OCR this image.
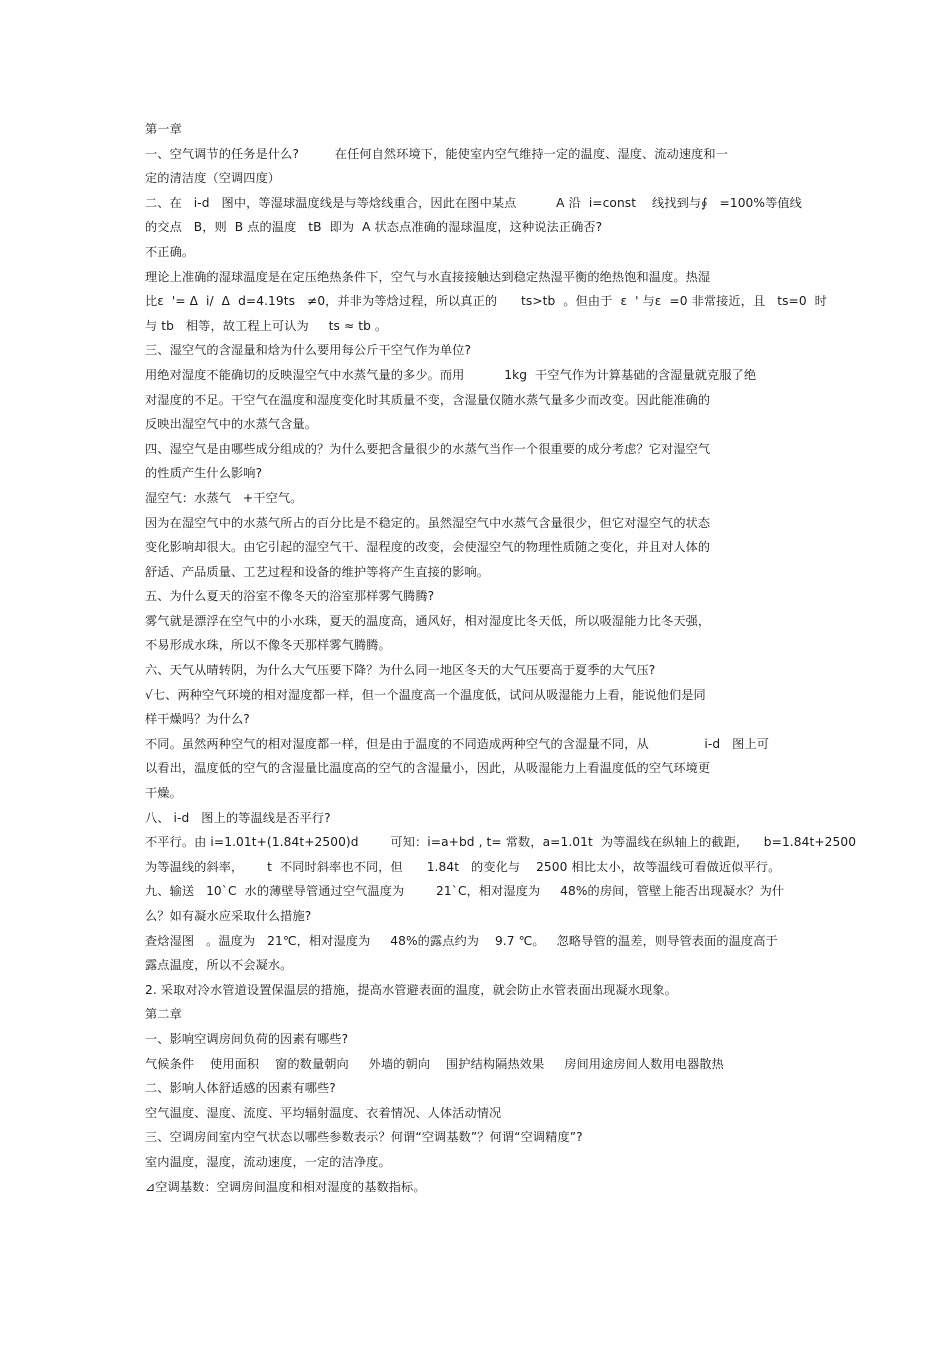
第一章
一、空气调节的任务是什么?         在任何自然环境下，能使室内空气维持一定的温度、湿度、流动速度和一
定的清洁度（空调四度）
二、在   i-d   图中，等湿球温度线是与等焓线重合，因此在图中某点          A 沿  i=const    线找到与∮   =100%等值线
的交点   B，则  B 点的温度   tB  即为  A 状态点准确的湿球温度，这种说法正确否?
不正确。
理论上准确的湿球温度是在定压绝热条件下，空气与水直接接触达到稳定热湿平衡的绝热饱和温度。热湿
比ε  '= Δ  i/  Δ  d=4.19ts   ≠0，并非为等焓过程，所以真正的      ts>tb  。但由于  ε  ' 与ε  =0 非常接近，且   ts=0  时
与 tb   相等，故工程上可认为     ts ≈ tb 。
三、湿空气的含湿量和焓为什么要用每公斤干空气作为单位?
用绝对湿度不能确切的反映湿空气中水蒸气量的多少。而用          1kg  干空气作为计算基础的含湿量就克服了绝
对湿度的不足。干空气在温度和湿度变化时其质量不变，含湿量仅随水蒸气量多少而改变。因此能准确的
反映出湿空气中的水蒸气含量。
四、湿空气是由哪些成分组成的？为什么要把含量很少的水蒸气当作一个很重要的成分考虑？它对湿空气
的性质产生什么影响?
湿空气：水蒸气   +干空气。
因为在湿空气中的水蒸气所占的百分比是不稳定的。虽然湿空气中水蒸气含量很少，但它对湿空气的状态
变化影响却很大。由它引起的湿空气干、湿程度的改变，会使湿空气的物理性质随之变化，并且对人体的
舒适、产品质量、工艺过程和设备的维护等将产生直接的影响。
五、为什么夏天的浴室不像冬天的浴室那样雾气腾腾?
雾气就是漂浮在空气中的小水珠，夏天的温度高，通风好，相对湿度比冬天低，所以吸湿能力比冬天强，
不易形成水珠，所以不像冬天那样雾气腾腾。
六、天气从晴转阴，为什么大气压要下降？为什么同一地区冬天的大气压要高于夏季的大气压?
√七、两种空气环境的相对湿度都一样，但一个温度高一个温度低，试问从吸湿能力上看，能说他们是同
样干燥吗？为什么?
不同。虽然两种空气的相对湿度都一样，但是由于温度的不同造成两种空气的含湿量不同，从              i-d   图上可
以看出，温度低的空气的含湿量比温度高的空气的含湿量小，因此，从吸湿能力上看温度低的空气环境更
干燥。
八、 i-d   图上的等温线是否平行?
不平行。由 i=1.01t+(1.84t+2500)d        可知：i=a+bd , t= 常数，a=1.01t  为等温线在纵轴上的截距,      b=1.84t+2500
为等温线的斜率，      t  不同时斜率也不同，但      1.84t   的变化与    2500 相比太小，故等温线可看做近似平行。
九、输送   10`C  水的薄壁导管通过空气温度为        21`C，相对湿度为     48%的房间，管壁上能否出现凝水？为什
么？如有凝水应采取什么措施?
查焓湿图   。温度为   21℃，相对湿度为     48%的露点约为    9.7 ℃。   忽略导管的温差，则导管表面的温度高于
露点温度，所以不会凝水。
2. 采取对冷水管道设置保温层的措施，提高水管避表面的温度，就会防止水管表面出现凝水现象。
第二章
一、影响空调房间负荷的因素有哪些?
气候条件    使用面积    窗的数量朝向     外墙的朝向    围护结构隔热效果     房间用途房间人数用电器散热
二、影响人体舒适感的因素有哪些?
空气温度、湿度、流度、平均辐射温度、衣着情况、人体活动情况
三、空调房间室内空气状态以哪些参数表示？何谓“空调基数”？何谓“空调精度”?
室内温度，湿度，流动速度，一定的洁净度。
⊿空调基数：空调房间温度和相对湿度的基数指标。
